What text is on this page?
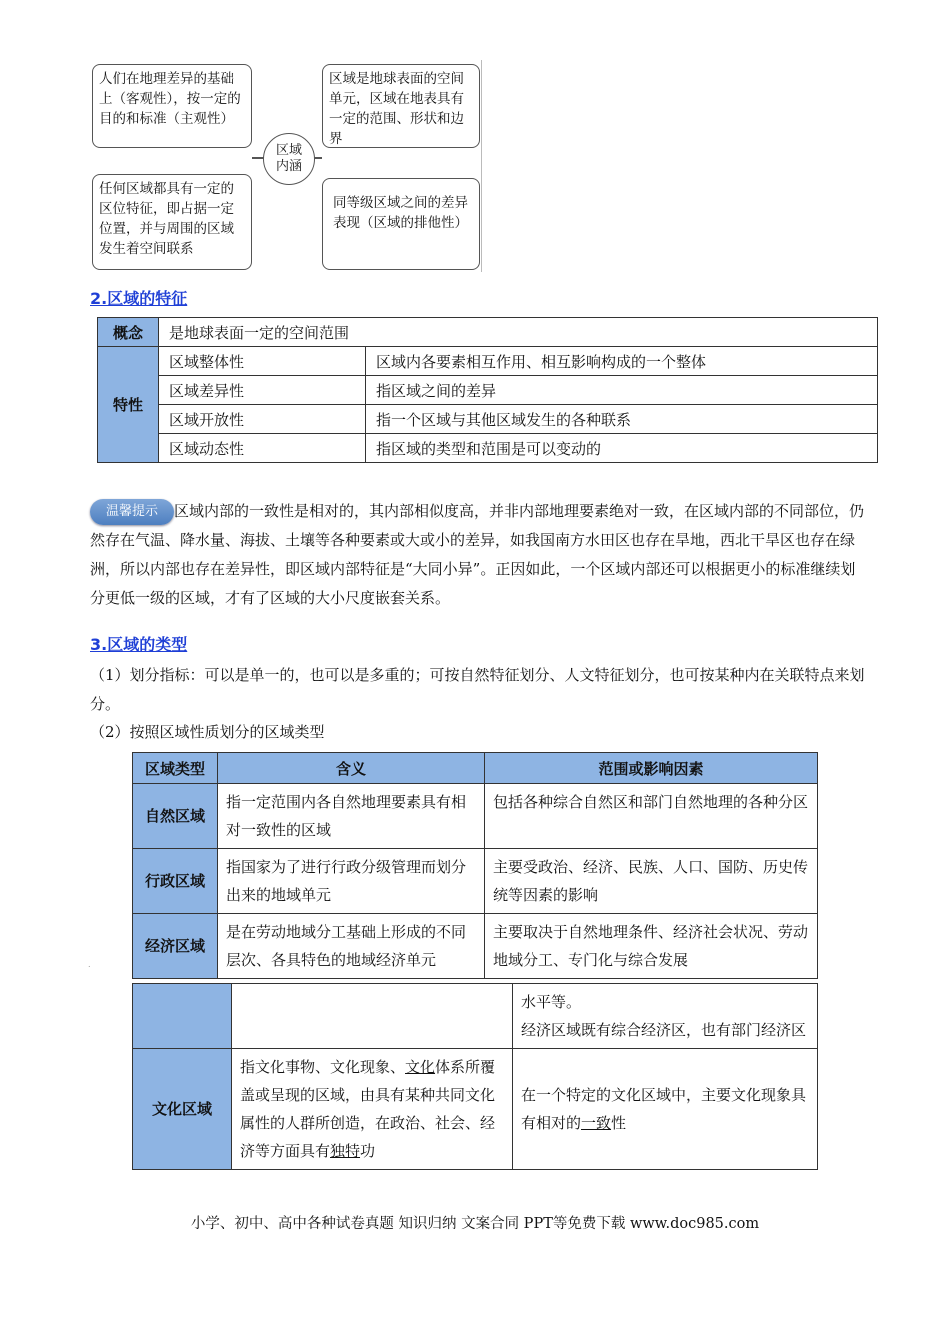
人们在地理差异的基础上（客观性），按一定的目的和标准（主观性）
区域是地球表面的空间单元，区域在地表具有一定的范围、形状和边界
任何区域都具有一定的区位特征，即占据一定位置，并与周围的区域发生着空间联系
同等级区域之间的差异表现（区域的排他性）
区域
内涵
2.区域的特征
概念	是地球表面一定的空间范围	
特性	区域整体性	区域内各要素相互作用、相互影响构成的一个整体
	区域差异性	指区域之间的差异
	区域开放性	指一个区域与其他区域发生的各种联系
	区域动态性	指区域的类型和范围是可以变动的
温馨提示 区域内部的一致性是相对的，其内部相似度高，并非内部地理要素绝对一致，在区域内部的不同部位，仍然存在气温、降水量、海拔、土壤等各种要素或大或小的差异，如我国南方水田区也存在旱地，西北干旱区也存在绿洲，所以内部也存在差异性，即区域内部特征是“大同小异”。正因如此，一个区域内部还可以根据更小的标准继续划分更低一级的区域，才有了区域的大小尺度嵌套关系。
3.区域的类型
（1）划分指标：可以是单一的，也可以是多重的；可按自然特征划分、人文特征划分，也可按某种内在关联特点来划分。
（2）按照区域性质划分的区域类型
区域类型	含义	范围或影响因素
自然区域	指一定范围内各自然地理要素具有相对一致性的区域	包括各种综合自然区和部门自然地理的各种分区
行政区域	指国家为了进行行政分级管理而划分出来的地域单元	主要受政治、经济、民族、人口、国防、历史传统等因素的影响
经济区域	是在劳动地域分工基础上形成的不同层次、各具特色的地域经济单元	主要取决于自然地理条件、经济社会状况、劳动地域分工、专门化与综合发展
.

		水平等。
经济区域既有综合经济区，也有部门经济区

文化区域	指文化事物、文化现象、文化体系所覆盖或呈现的区域，由具有某种共同文化属性的人群所创造，在政治、社会、经济等方面具有独特功	在一个特定的文化区域中，主要文化现象具有相对的一致性
小学、初中、高中各种试卷真题 知识归纳 文案合同 PPT等免费下载 www.doc985.com
